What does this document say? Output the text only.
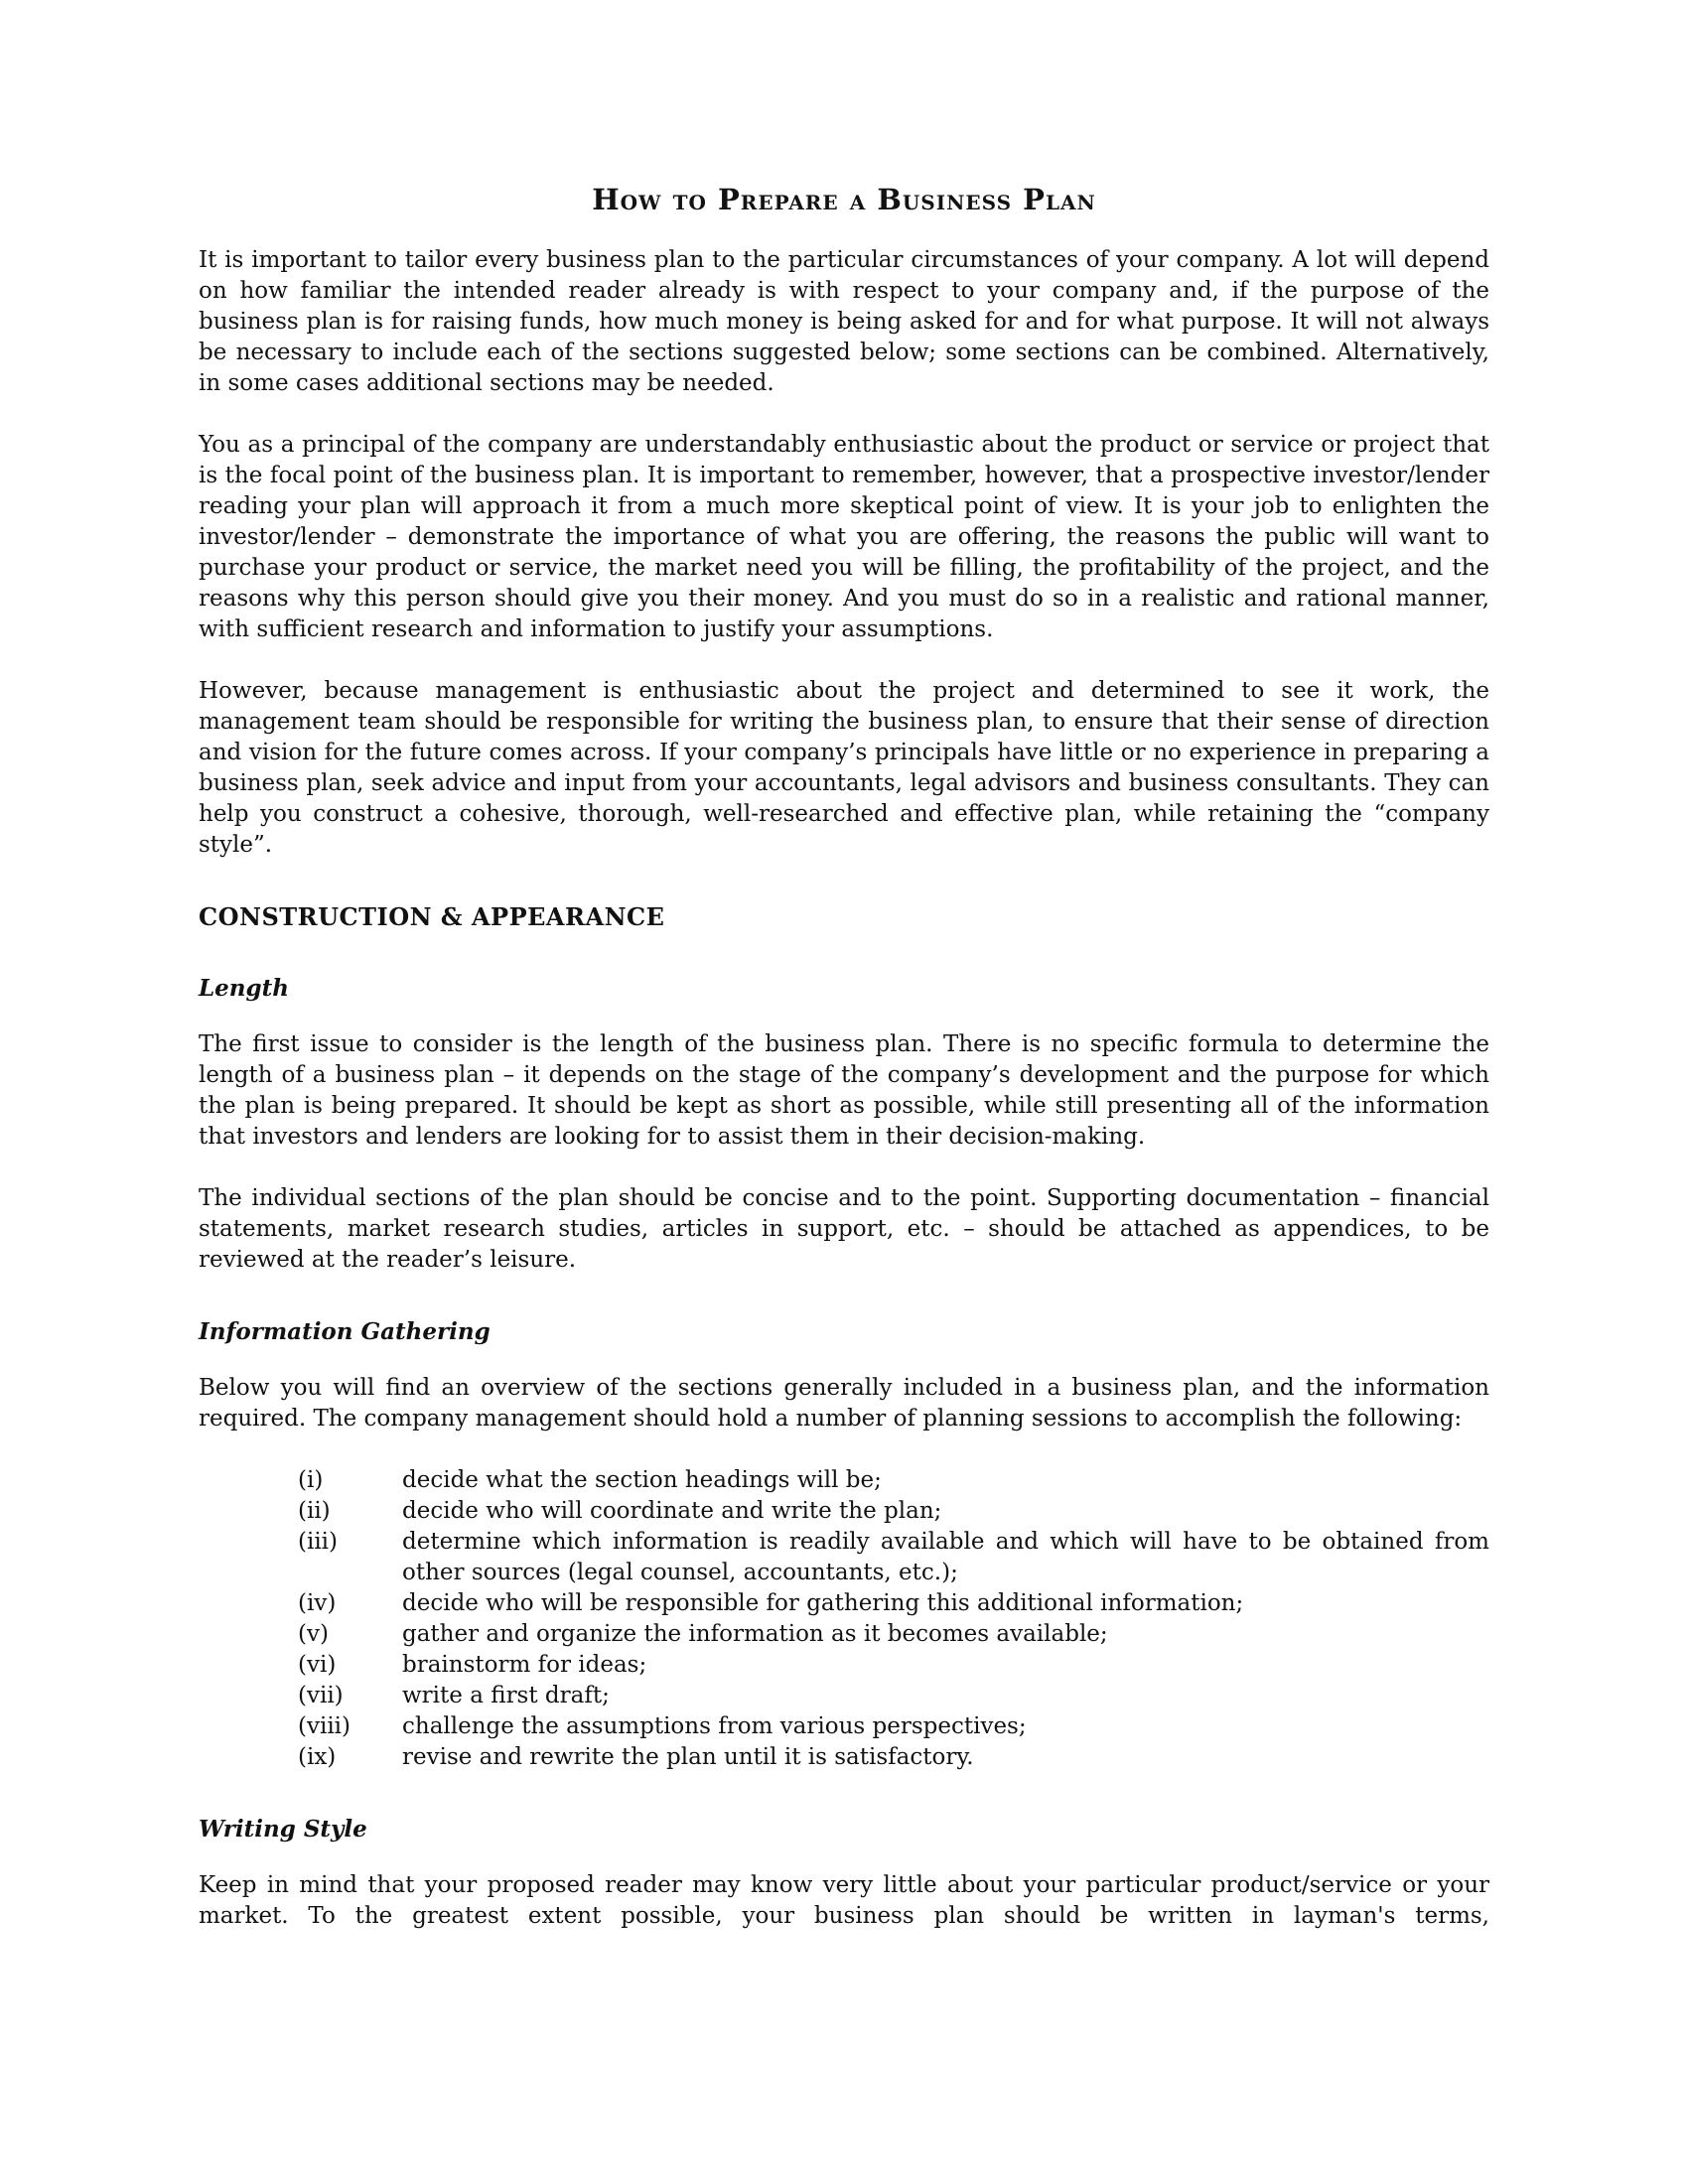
How to Prepare a Business Plan

It is important to tailor every business plan to the particular circumstances of your company. A lot will depend on how familiar the intended reader already is with respect to your company and, if the purpose of the business plan is for raising funds, how much money is being asked for and for what purpose. It will not always be necessary to include each of the sections suggested below; some sections can be combined. Alternatively, in some cases additional sections may be needed.

You as a principal of the company are understandably enthusiastic about the product or service or project that is the focal point of the business plan. It is important to remember, however, that a prospective investor/lender reading your plan will approach it from a much more skeptical point of view. It is your job to enlighten the investor/lender – demonstrate the importance of what you are offering, the reasons the public will want to purchase your product or service, the market need you will be filling, the profitability of the project, and the reasons why this person should give you their money. And you must do so in a realistic and rational manner, with sufficient research and information to justify your assumptions.

However, because management is enthusiastic about the project and determined to see it work, the management team should be responsible for writing the business plan, to ensure that their sense of direction and vision for the future comes across. If your company’s principals have little or no experience in preparing a business plan, seek advice and input from your accountants, legal advisors and business consultants. They can help you construct a cohesive, thorough, well-researched and effective plan, while retaining the “company style”.

CONSTRUCTION & APPEARANCE
Length

The first issue to consider is the length of the business plan. There is no specific formula to determine the length of a business plan – it depends on the stage of the company’s development and the purpose for which the plan is being prepared. It should be kept as short as possible, while still presenting all of the information that investors and lenders are looking for to assist them in their decision-making.

The individual sections of the plan should be concise and to the point. Supporting documentation – financial statements, market research studies, articles in support, etc. – should be attached as appendices, to be reviewed at the reader’s leisure.

Information Gathering

Below you will find an overview of the sections generally included in a business plan, and the information required. The company management should hold a number of planning sessions to accomplish the following:

(i)	decide what the section headings will be;
(ii)	decide who will coordinate and write the plan;
(iii)	determine which information is readily available and which will have to be obtained from other sources (legal counsel, accountants, etc.);
(iv)	decide who will be responsible for gathering this additional information;
(v)	gather and organize the information as it becomes available;
(vi)	brainstorm for ideas;
(vii)	write a first draft;
(viii)	challenge the assumptions from various perspectives;
(ix)	revise and rewrite the plan until it is satisfactory.
Writing Style

Keep in mind that your proposed reader may know very little about your particular product/service or your market. To the greatest extent possible, your business plan should be written in layman's terms,
